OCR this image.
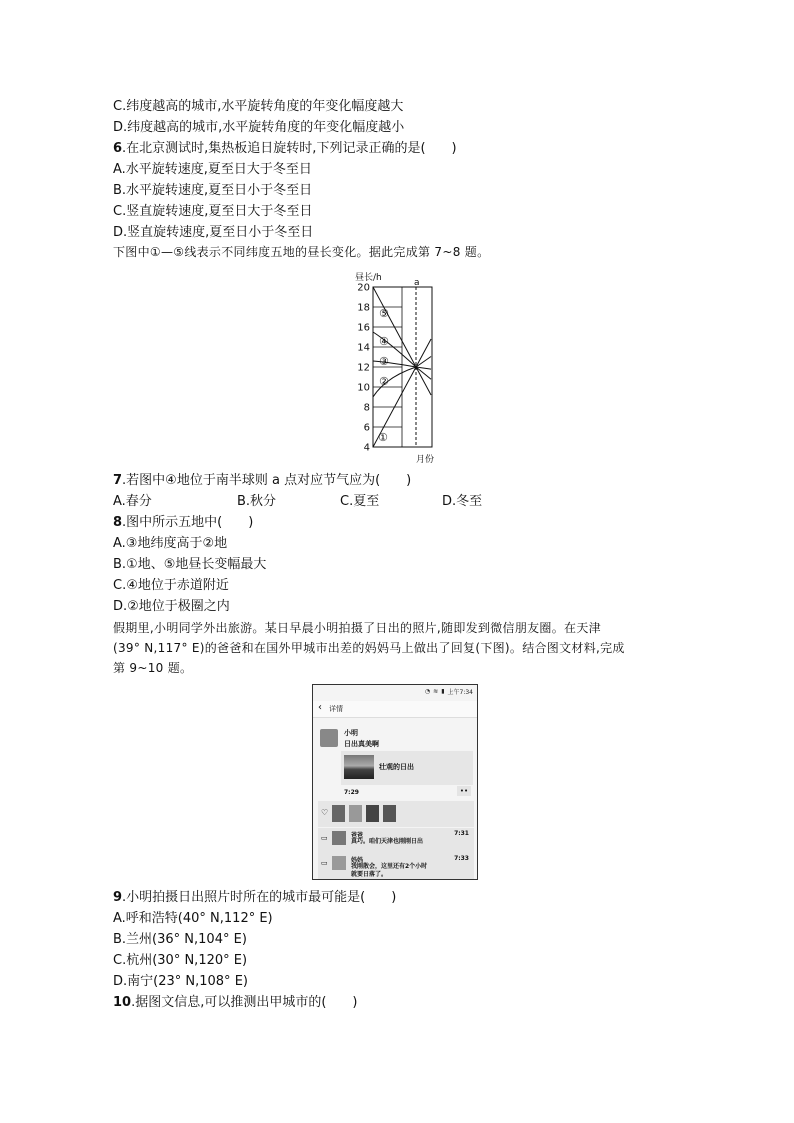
C.纬度越高的城市,水平旋转角度的年变化幅度越大
D.纬度越高的城市,水平旋转角度的年变化幅度越小
6.在北京测试时,集热板追日旋转时,下列记录正确的是(　　)
A.水平旋转速度,夏至日大于冬至日
B.水平旋转速度,夏至日小于冬至日
C.竖直旋转速度,夏至日大于冬至日
D.竖直旋转速度,夏至日小于冬至日
下图中①—⑤线表示不同纬度五地的昼长变化。据此完成第 7~8 题。
昼长/h	a
月份
20
18
16
14
12
10
8
6
4
⑤
④
③
②
①
7.若图中④地位于南半球则 a 点对应节气应为(　　)
A.春分	B.秋分	C.夏至	D.冬至
8.图中所示五地中(　　)
A.③地纬度高于②地
B.①地、⑤地昼长变幅最大
C.④地位于赤道附近
D.②地位于极圈之内
假期里,小明同学外出旅游。某日早晨小明拍摄了日出的照片,随即发到微信朋友圈。在天津
(39° N,117° E)的爸爸和在国外甲城市出差的妈妈马上做出了回复(下图)。结合图文材料,完成
第 9~10 题。
◔ ≋ ▮ 上午7:34
‹ 详情
小明
日出真美啊
壮观的日出
7:29	••
♡
▭	爸爸
真巧。咱们天津也刚刚日出
7:31
▭	妈妈
我刚散会，这里还有2个小时
就要日落了。
7:33
9.小明拍摄日出照片时所在的城市最可能是(　　)
A.呼和浩特(40° N,112° E)
B.兰州(36° N,104° E)
C.杭州(30° N,120° E)
D.南宁(23° N,108° E)
10.据图文信息,可以推测出甲城市的(　　)
